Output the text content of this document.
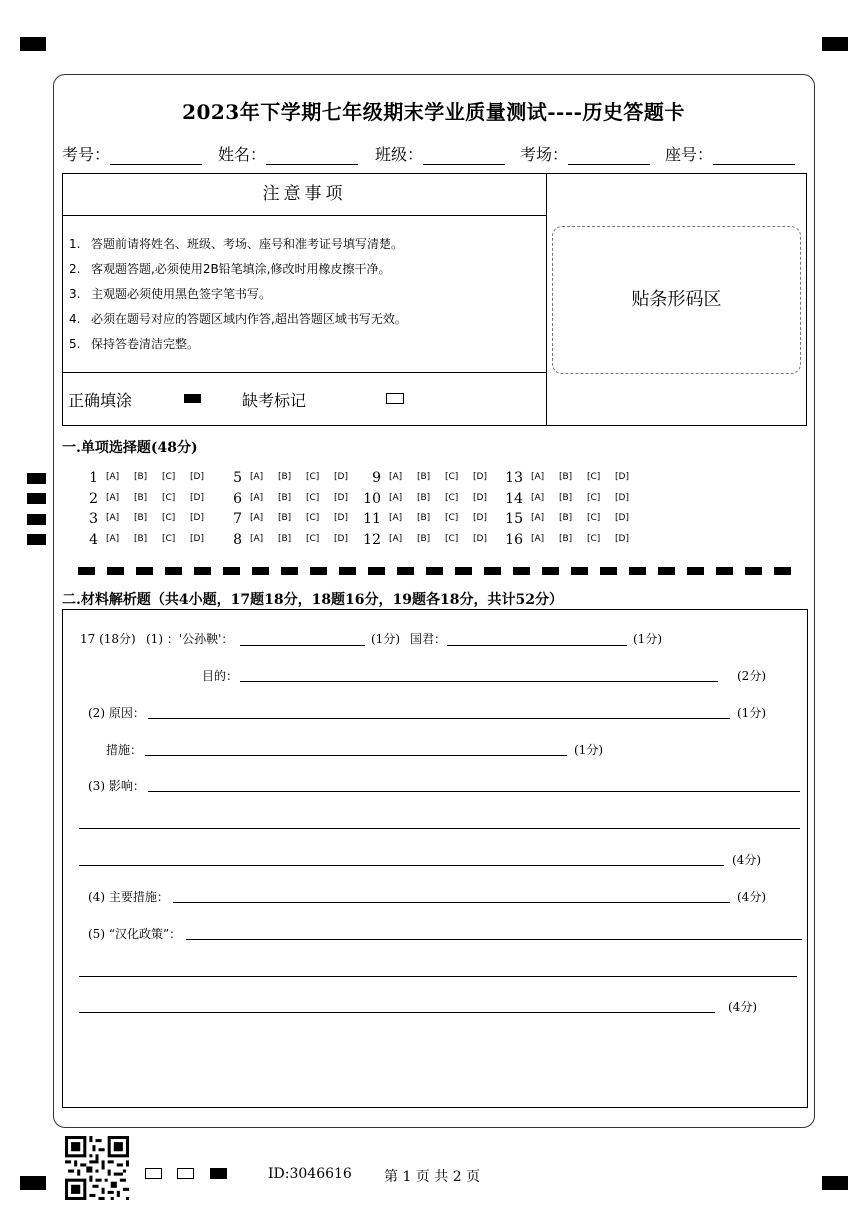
2023年下学期七年级期末学业质量测试----历史答题卡
考号：	姓名：	班级：	考场：	座号：
注意事项
1. 答题前请将姓名、班级、考场、座号和准考证号填写清楚。
2. 客观题答题,必须使用2B铅笔填涂,修改时用橡皮擦干净。
3. 主观题必须使用黑色签字笔书写。
4. 必须在题号对应的答题区域内作答,超出答题区域书写无效。
5. 保持答卷清洁完整。
正确填涂	缺考标记
贴条形码区
一.单项选择题(48分)
1 [A] [B] [C] [D]	5 [A] [B] [C] [D]	9 [A] [B] [C] [D] 13 [A] [B] [C] [D]
2 [A] [B] [C] [D]	6 [A] [B] [C] [D] 10 [A] [B] [C] [D] 14 [A] [B] [C] [D]
3 [A] [B] [C] [D]	7 [A] [B] [C] [D] 11 [A] [B] [C] [D] 15 [A] [B] [C] [D]
4 [A] [B] [C] [D]	8 [A] [B] [C] [D] 12 [A] [B] [C] [D] 16 [A] [B] [C] [D]
二.材料解析题（共4小题，17题18分，18题16分，19题各18分，共计52分）
17 (18分) (1) ：'公孙鞅'：	(1分) 国君：	(1分)
目的：	(2分)
(2) 原因：	(1分)
措施：	(1分)
(3) 影响：
(4分)
(4) 主要措施：	(4分)
(5) “汉化政策”：
(4分)
ID:3046616 第 1 页 共 2 页
